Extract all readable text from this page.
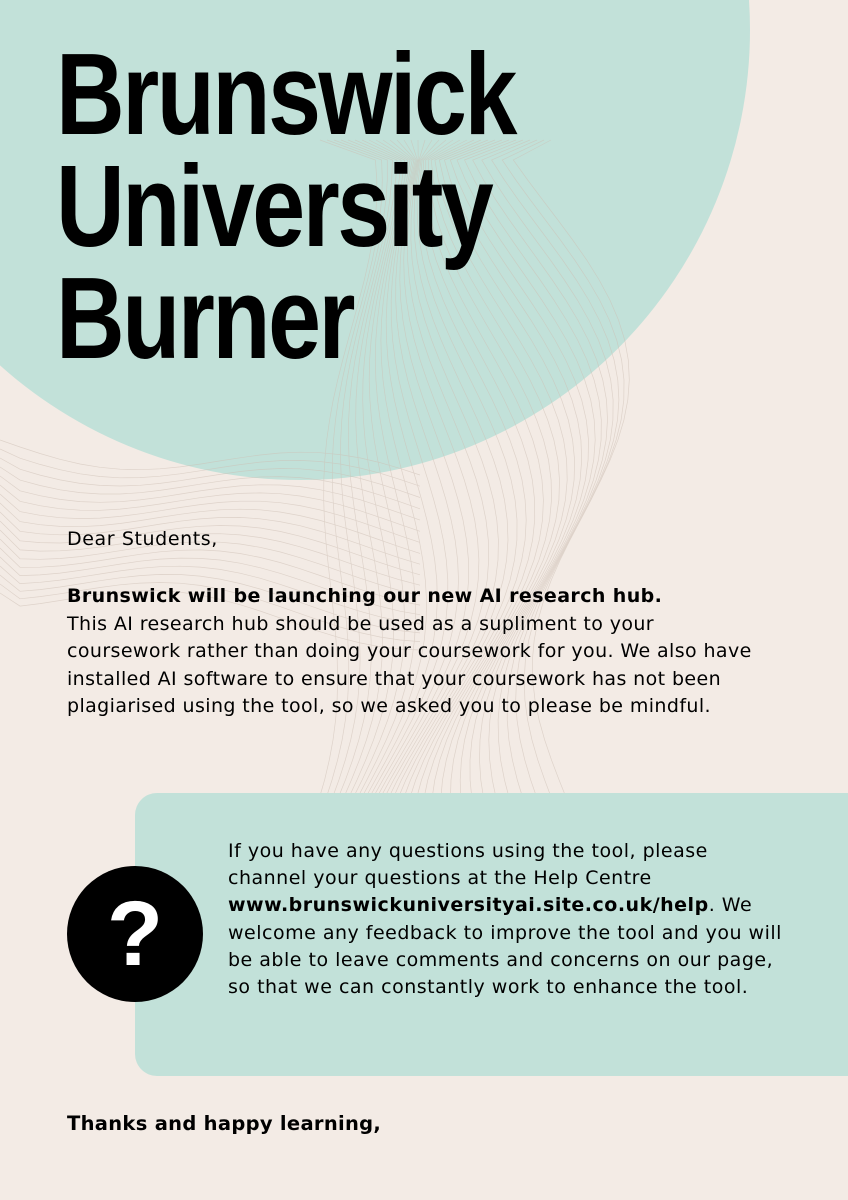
Brunswick
University
Burner
Dear Students,
Brunswick will be launching our new AI research hub.
This AI research hub should be used as a supliment to your coursework rather than doing your coursework for you. We also have installed AI software to ensure that your coursework has not been plagiarised using the tool, so we asked you to please be mindful.
?
If you have any questions using the tool, please channel your questions at the Help Centre www.brunswickuniversityai.site.co.uk/help. We welcome any feedback to improve the tool and you will be able to leave comments and concerns on our page, so that we can constantly work to enhance the tool.
Thanks and happy learning,
